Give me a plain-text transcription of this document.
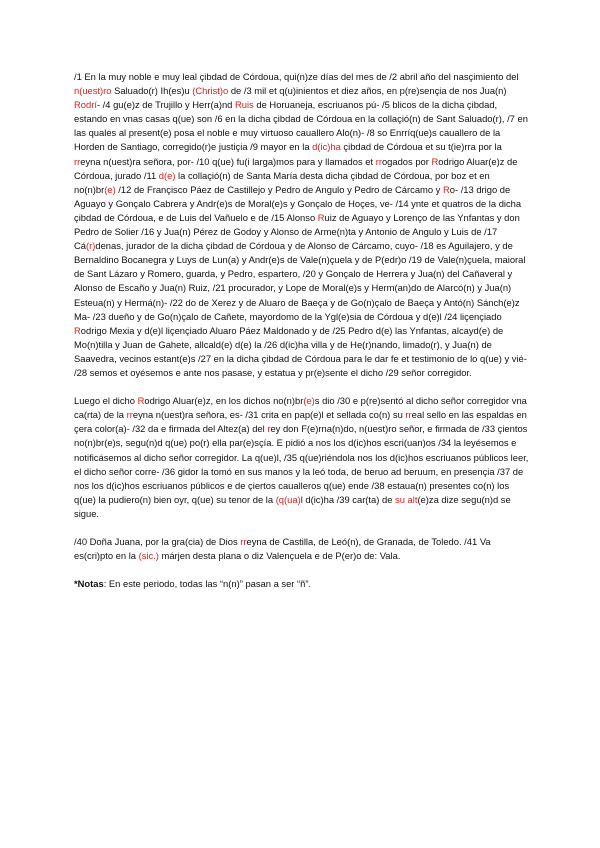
/1 En la muy noble e muy leal çibdad de Córdoua, qui(n)ze días del mes de /2 abril año del nasçimiento del n(uest)ro Saluado(r) Ih(es)u (Christ)o de /3 mil et q(u)inientos et diez años, en p(re)sençia de nos Jua(n) Rodrí- /4 gu(e)z de Trujillo y Herr(a)nd Ruis de Horuaneja, escriuanos pú- /5 blicos de la dicha çibdad, estando en vnas casas q(ue) son /6 en la dicha çibdad de Córdoua en la collaçió(n) de Sant Saluado(r), /7 en las quales al present(e) posa el noble e muy virtuoso cauallero Alo(n)- /8 so Enrríq(ue)s cauallero de la Horden de Santiago, corregido(r)e justiçia /9 mayor en la d(ic)ha çibdad de Córdoua et su t(ie)rra por la rreyna n(uest)ra señora, por- /10 q(ue) fu(i larga)mos para y llamados et rrogados por Rodrigo Aluar(e)z de Córdoua, jurado /11 d(e) la collaçió(n) de Santa María desta dicha çibdad de Córdoua, por boz et en no(n)br(e) /12 de Françisco Páez de Castillejo y Pedro de Angulo y Pedro de Cárcamo y Ro- /13 drigo de Aguayo y Gonçalo Cabrera y Andr(e)s de Moral(e)s y Gonçalo de Hoçes, ve- /14 ynte et quatros de la dicha çibdad de Córdoua, e de Luis del Vañuelo e de /15 Alonso Ruiz de Aguayo y Lorenço de las Ynfantas y don Pedro de Solier /16 y Jua(n) Pérez de Godoy y Alonso de Arme(n)ta y Antonio de Angulo y Luis de /17 Cá(r)denas, jurador de la dicha çibdad de Córdoua y de Alonso de Cárcamo, cuyo- /18 es Aguilajero, y de Bernaldino Bocanegra y Luys de Lun(a) y Andr(e)s de Vale(n)çuela y de P(edr)o /19 de Vale(n)çuela, maioral de Sant Lázaro y Romero, guarda, y Pedro, espartero, /20 y Gonçalo de Herrera y Jua(n) del Cañaveral y Alonso de Escaño y Jua(n) Ruiz, /21 procurador, y Lope de Moral(e)s y Herm(an)do de Alarcó(n) y Jua(n) Esteua(n) y Hermá(n)- /22 do de Xerez y de Aluaro de Baeça y de Go(n)çalo de Baeça y Antó(n) Sánch(e)z Ma- /23 dueño y de Go(n)çalo de Cañete, mayordomo de la Ygl(e)sia de Córdoua y d(e)l /24 liçençiado Rodrigo Mexia y d(e)l liçençiado Aluaro Páez Maldonado y de /25 Pedro d(e) las Ynfantas, alcayd(e) de Mo(n)tilla y Juan de Gahete, allcald(e) d(e) la /26 d(ic)ha villa y de He(r)nando, limado(r), y Jua(n) de Saavedra, vecinos estant(e)s /27 en la dicha çibdad de Córdoua para le dar fe et testimonio de lo q(ue) y vié- /28 semos et oyésemos e ante nos pasase, y estatua y pr(e)sente el dicho /29 señor corregidor.

Luego el dicho Rodrigo Aluar(e)z, en los dichos no(n)br(e)s dio /30 e p(re)sentó al dicho señor corregidor vna ca(rta) de la rreyna n(uest)ra señora, es- /31 crita en pap(e)l et sellada co(n) su rreal sello en las espaldas en çera color(a)- /32 da e firmada del Altez(a) del rey don F(e)rna(n)do, n(uest)ro señor, e firmada de /33 çientos no(n)br(e)s, segu(n)d q(ue) po(r) ella par(e)sçía. E pidió a nos los d(ic)hos escri(uan)os /34 la leyésemos e notificásemos al dicho señor corregidor. La q(ue)l, /35 q(ue)riéndola nos los d(ic)hos escriuanos públicos leer, el dicho señor corre- /36 gidor la tomó en sus manos y la leó toda, de beruo ad beruum, en presençia /37 de nos los d(ic)hos escriuanos públicos e de çiertos caualleros q(ue) ende /38 estaua(n) presentes co(n) los q(ue) la pudiero(n) bien oyr, q(ue) su tenor de la (q(ua)l d(ic)ha /39 car(ta) de su alt(e)za dize segu(n)d se sigue.

/40 Doña Juana, por la gra(cia) de Dios rreyna de Castilla, de Leó(n), de Granada, de Toledo. /41 Va es(cri)pto en la (sic.) márjen desta plana o diz Valençuela e de P(er)o de: Vala.

*Notas: En este periodo, todas las “n(n)” pasan a ser “ñ”.
